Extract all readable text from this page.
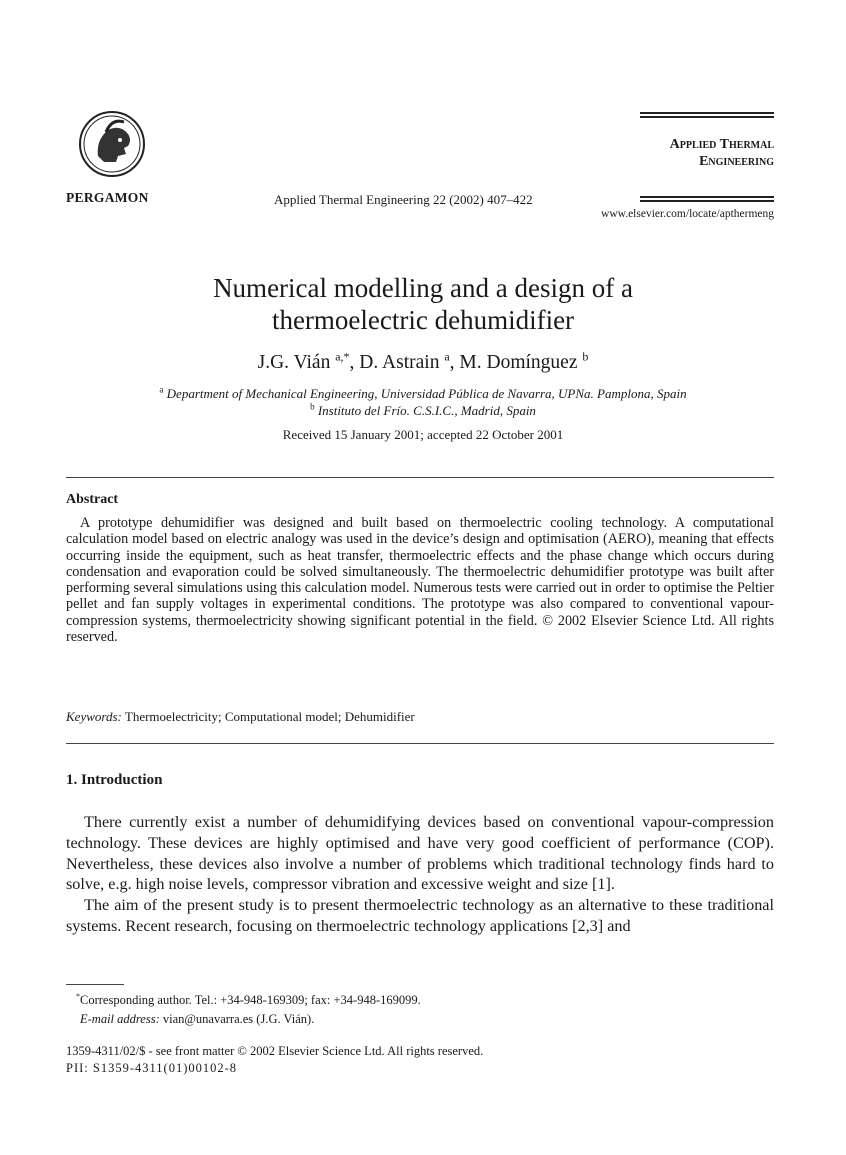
PERGAMON	Applied Thermal Engineering 22 (2002) 407–422
Applied Thermal
Engineering
www.elsevier.com/locate/apthermeng
Numerical modelling and a design of a
thermoelectric dehumidifier
J.G. Vián $^{a,*}$, D. Astrain $^a$, M. Domínguez $^b$
$^a$ Department of Mechanical Engineering, Universidad Pública de Navarra, UPNa. Pamplona, Spain
$^b$ Instituto del Frío. C.S.I.C., Madrid, Spain
Received 15 January 2001; accepted 22 October 2001
Abstract
A prototype dehumidifier was designed and built based on thermoelectric cooling technology. A computational calculation model based on electric analogy was used in the device’s design and optimisation (AERO), meaning that effects occurring inside the equipment, such as heat transfer, thermoelectric effects and the phase change which occurs during condensation and evaporation could be solved simultaneously. The thermoelectric dehumidifier prototype was built after performing several simulations using this calculation model. Numerous tests were carried out in order to optimise the Peltier pellet and fan supply voltages in experimental conditions. The prototype was also compared to conventional vapour-compression systems, thermoelectricity showing significant potential in the field. © 2002 Elsevier Science Ltd. All rights reserved.
Keywords: Thermoelectricity; Computational model; Dehumidifier
1. Introduction

There currently exist a number of dehumidifying devices based on conventional vapour-compression technology. These devices are highly optimised and have very good coefficient of performance (COP). Nevertheless, these devices also involve a number of problems which traditional technology finds hard to solve, e.g. high noise levels, compressor vibration and excessive weight and size [1].

The aim of the present study is to present thermoelectric technology as an alternative to these traditional systems. Recent research, focusing on thermoelectric technology applications [2,3] and

*Corresponding author. Tel.: +34-948-169309; fax: +34-948-169099.
E-mail address: vian@unavarra.es (J.G. Vián).
1359-4311/02/$ - see front matter © 2002 Elsevier Science Ltd. All rights reserved.
PII: S1359-4311(01)00102-8
